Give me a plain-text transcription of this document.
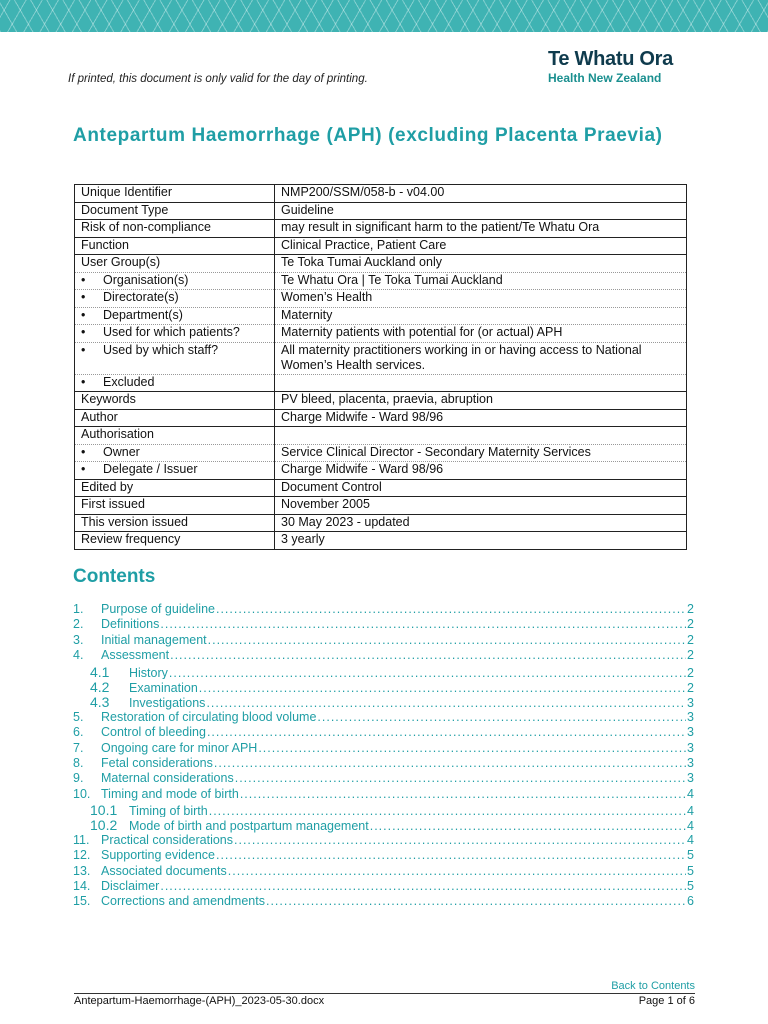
Te Whatu Ora
Health New Zealand
If printed, this document is only valid for the day of printing.
Antepartum Haemorrhage (APH) (excluding Placenta Praevia)
Unique Identifier	NMP200/SSM/058-b - v04.00
Document Type	Guideline
Risk of non-compliance	may result in significant harm to the patient/Te Whatu Ora
Function	Clinical Practice, Patient Care
User Group(s)	Te Toka Tumai Auckland only
• Organisation(s)	Te Whatu Ora | Te Toka Tumai Auckland
• Directorate(s)	Women’s Health
• Department(s)	Maternity
• Used for which patients?	Maternity patients with potential for (or actual) APH
• Used by which staff?	All maternity practitioners working in or having access to National Women’s Health services.
• Excluded	
Keywords	PV bleed, placenta, praevia, abruption
Author	Charge Midwife - Ward 98/96
Authorisation	
• Owner	Service Clinical Director - Secondary Maternity Services
• Delegate / Issuer	Charge Midwife - Ward 98/96
Edited by	Document Control
First issued	November 2005
This version issued	30 May 2023 - updated
Review frequency	3 yearly
Contents
1.	Purpose of guideline .....	2
2.	Definitions .....	2
3.	Initial management .....	2
4.	Assessment .....	2
4.1	History .....	2
4.2	Examination .....	2
4.3	Investigations .....	3
5.	Restoration of circulating blood volume .....	3
6.	Control of bleeding .....	3
7.	Ongoing care for minor APH .....	3
8.	Fetal considerations .....	3
9.	Maternal considerations .....	3
10. Timing and mode of birth .....	4
10.1 Timing of birth .....	4
10.2 Mode of birth and postpartum management .....	4
11. Practical considerations .....	4
12. Supporting evidence .....	5
13. Associated documents .....	5
14. Disclaimer .....	5
15. Corrections and amendments .....	6
Back to Contents
Antepartum-Haemorrhage-(APH)_2023-05-30.docx	Page 1 of 6
